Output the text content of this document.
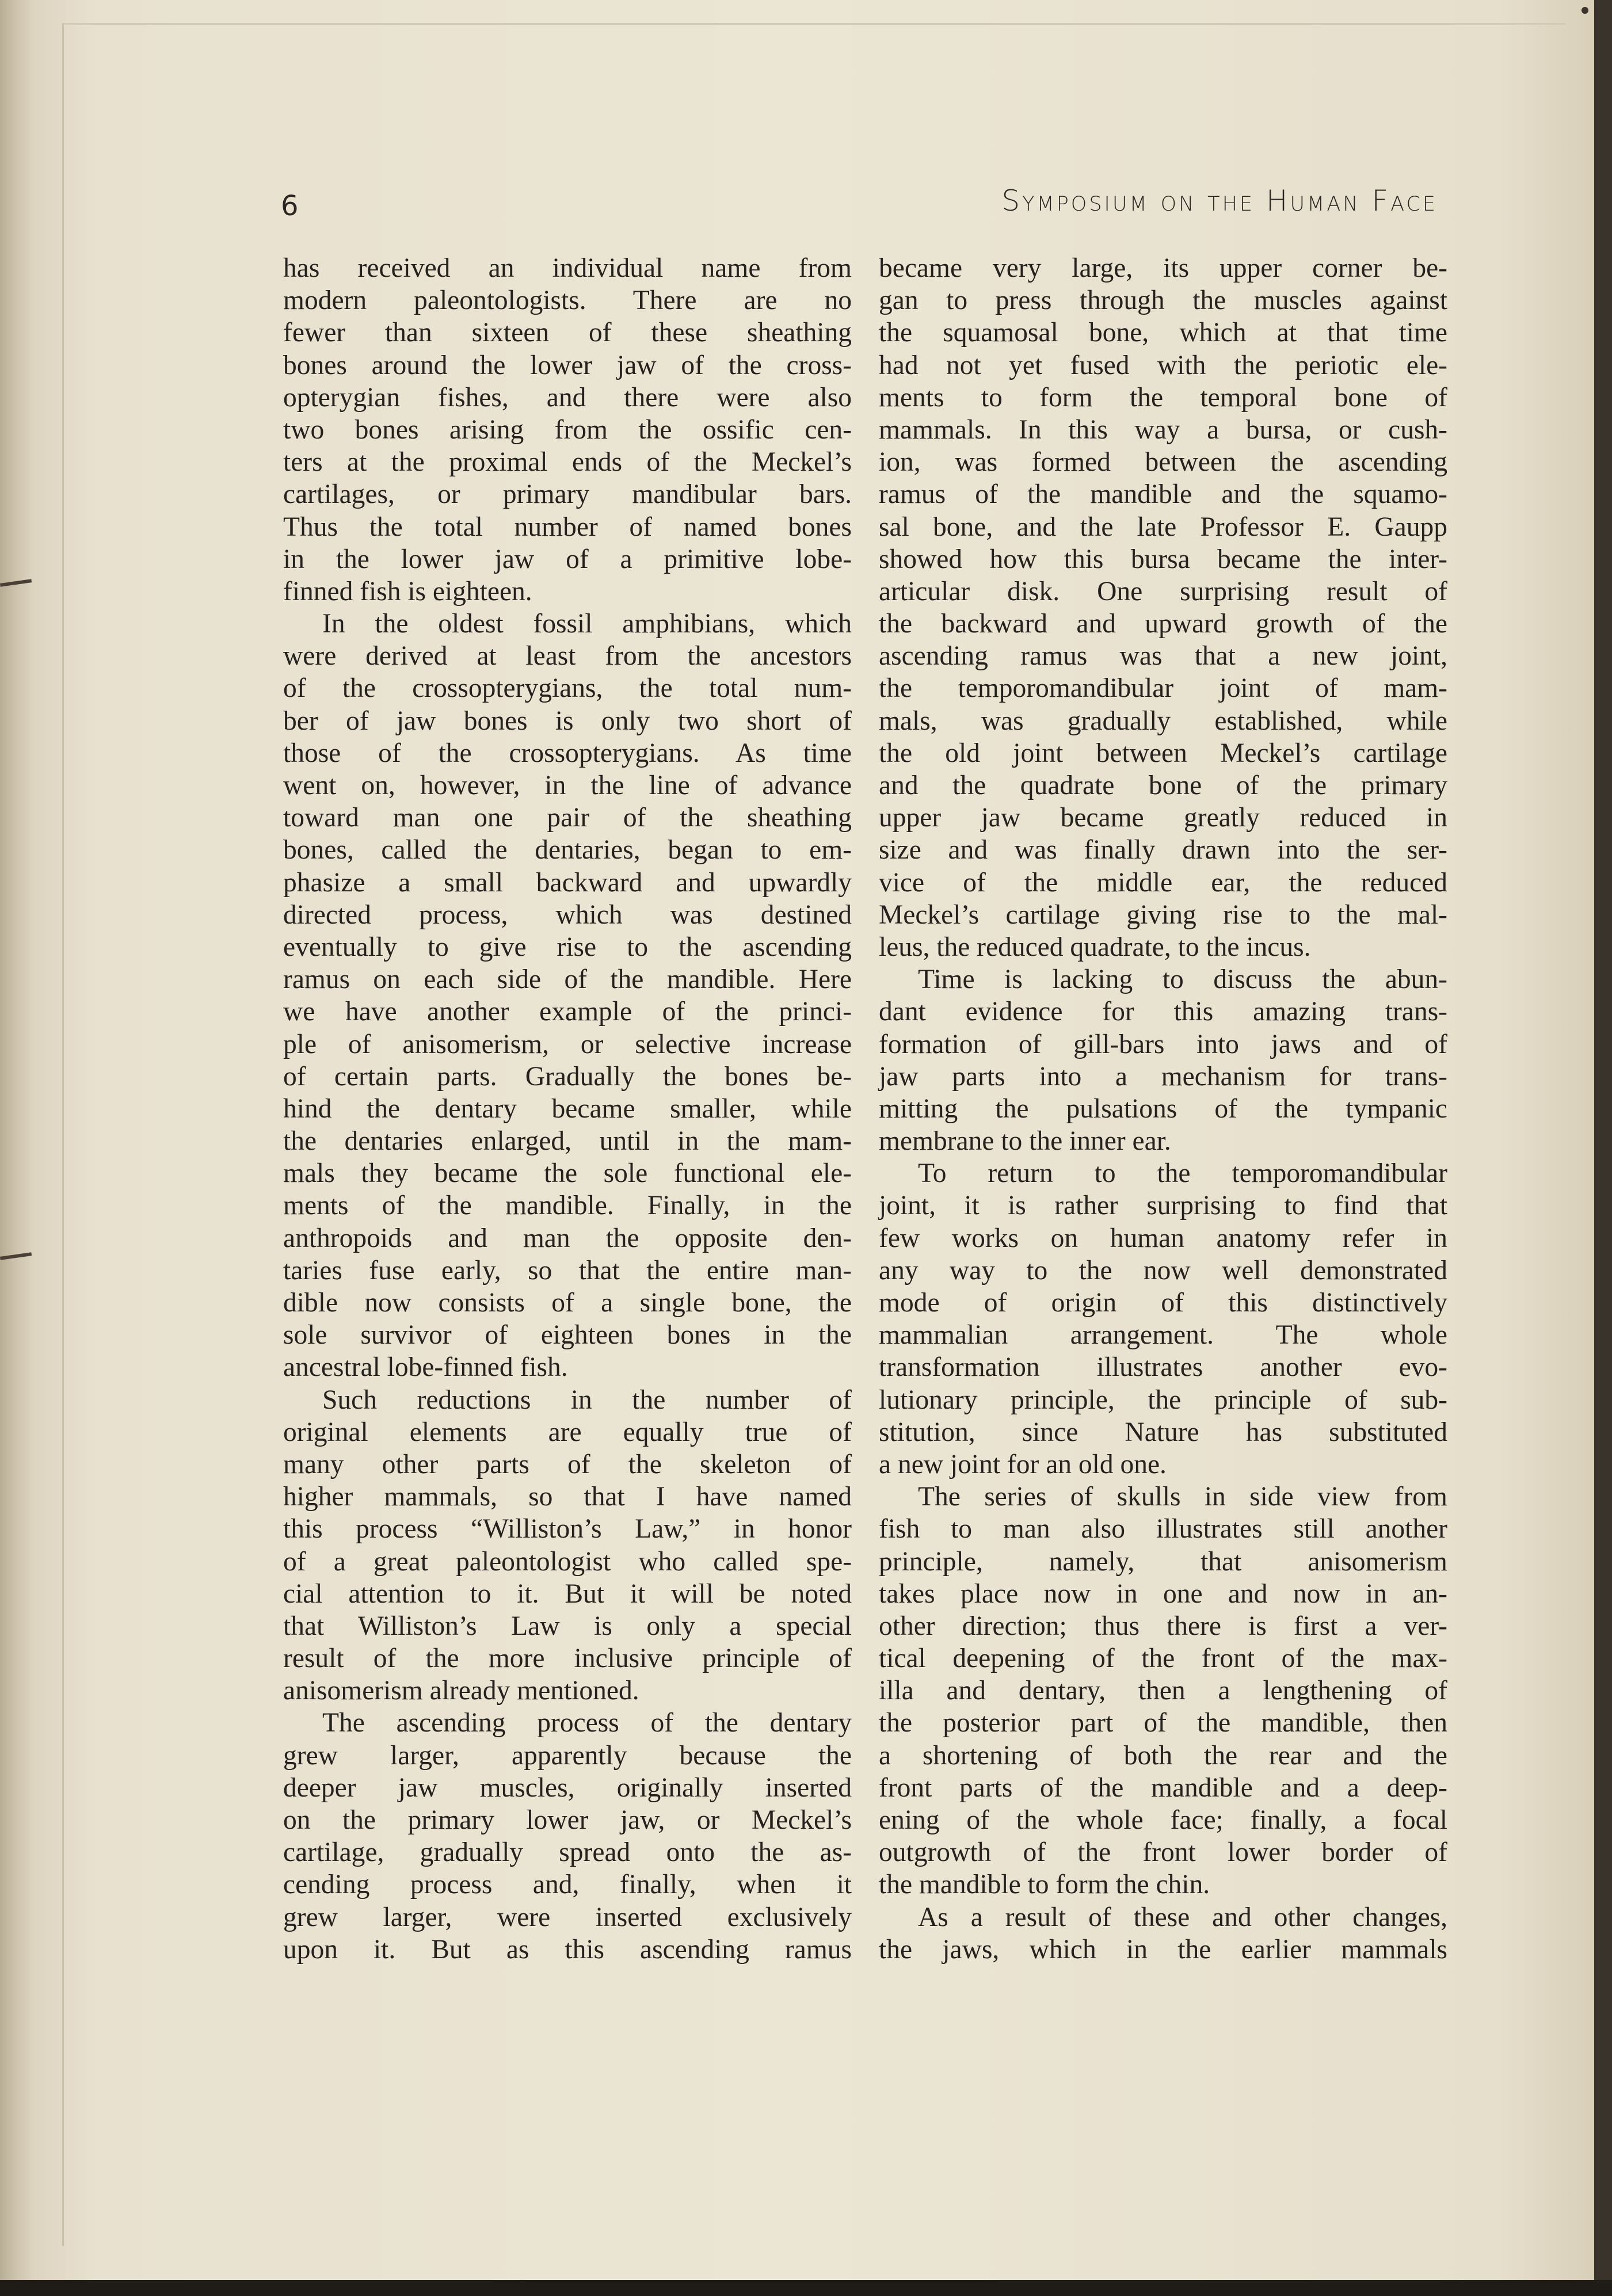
6	Symposium on the Human Face
has received an individual name from
modern paleontologists. There are no
fewer than sixteen of these sheathing
bones around the lower jaw of the cross-
opterygian fishes, and there were also
two bones arising from the ossific cen-
ters at the proximal ends of the Meckel’s
cartilages, or primary mandibular bars.
Thus the total number of named bones
in the lower jaw of a primitive lobe-
finned fish is eighteen.
In the oldest fossil amphibians, which
were derived at least from the ancestors
of the crossopterygians, the total num-
ber of jaw bones is only two short of
those of the crossopterygians. As time
went on, however, in the line of advance
toward man one pair of the sheathing
bones, called the dentaries, began to em-
phasize a small backward and upwardly
directed process, which was destined
eventually to give rise to the ascending
ramus on each side of the mandible. Here
we have another example of the princi-
ple of anisomerism, or selective increase
of certain parts. Gradually the bones be-
hind the dentary became smaller, while
the dentaries enlarged, until in the mam-
mals they became the sole functional ele-
ments of the mandible. Finally, in the
anthropoids and man the opposite den-
taries fuse early, so that the entire man-
dible now consists of a single bone, the
sole survivor of eighteen bones in the
ancestral lobe-finned fish.
Such reductions in the number of
original elements are equally true of
many other parts of the skeleton of
higher mammals, so that I have named
this process “Williston’s Law,” in honor
of a great paleontologist who called spe-
cial attention to it. But it will be noted
that Williston’s Law is only a special
result of the more inclusive principle of
anisomerism already mentioned.
The ascending process of the dentary
grew larger, apparently because the
deeper jaw muscles, originally inserted
on the primary lower jaw, or Meckel’s
cartilage, gradually spread onto the as-
cending process and, finally, when it
grew larger, were inserted exclusively
upon it. But as this ascending ramus
became very large, its upper corner be-
gan to press through the muscles against
the squamosal bone, which at that time
had not yet fused with the periotic ele-
ments to form the temporal bone of
mammals. In this way a bursa, or cush-
ion, was formed between the ascending
ramus of the mandible and the squamo-
sal bone, and the late Professor E. Gaupp
showed how this bursa became the inter-
articular disk. One surprising result of
the backward and upward growth of the
ascending ramus was that a new joint,
the temporomandibular joint of mam-
mals, was gradually established, while
the old joint between Meckel’s cartilage
and the quadrate bone of the primary
upper jaw became greatly reduced in
size and was finally drawn into the ser-
vice of the middle ear, the reduced
Meckel’s cartilage giving rise to the mal-
leus, the reduced quadrate, to the incus.
Time is lacking to discuss the abun-
dant evidence for this amazing trans-
formation of gill-bars into jaws and of
jaw parts into a mechanism for trans-
mitting the pulsations of the tympanic
membrane to the inner ear.
To return to the temporomandibular
joint, it is rather surprising to find that
few works on human anatomy refer in
any way to the now well demonstrated
mode of origin of this distinctively
mammalian arrangement. The whole
transformation illustrates another evo-
lutionary principle, the principle of sub-
stitution, since Nature has substituted
a new joint for an old one.
The series of skulls in side view from
fish to man also illustrates still another
principle, namely, that anisomerism
takes place now in one and now in an-
other direction; thus there is first a ver-
tical deepening of the front of the max-
illa and dentary, then a lengthening of
the posterior part of the mandible, then
a shortening of both the rear and the
front parts of the mandible and a deep-
ening of the whole face; finally, a focal
outgrowth of the front lower border of
the mandible to form the chin.
As a result of these and other changes,
the jaws, which in the earlier mammals
